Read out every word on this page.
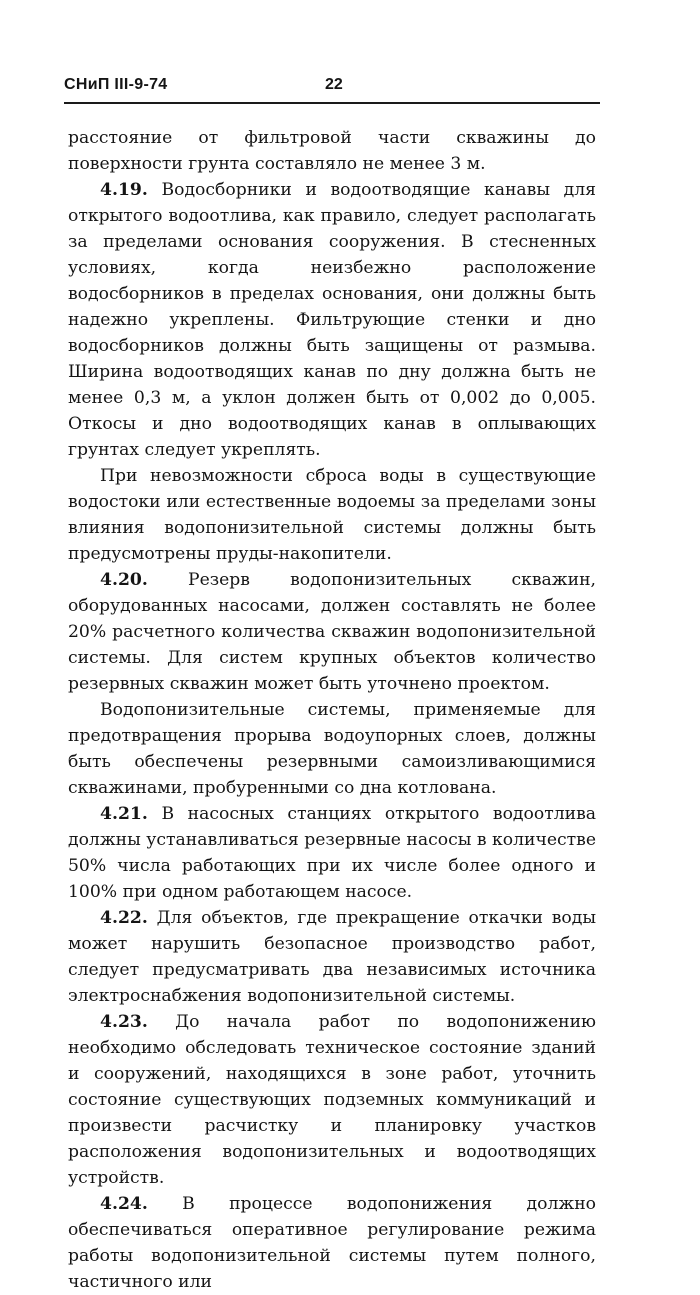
СНиП III-9-74	22

расстояние от фильтровой части скважины до поверхности грунта составляло не менее 3 м.

4.19. Водосборники и водоотводящие канавы для открытого водоотлива, как правило, следует располагать за пределами основания сооружения. В стесненных условиях, когда неизбежно расположение водосборников в пределах основания, они должны быть надежно укреплены. Фильтрующие стенки и дно водосборников должны быть защищены от размыва. Ширина водоотводящих канав по дну должна быть не менее 0,3 м, а уклон должен быть от 0,002 до 0,005. Откосы и дно водоотводящих канав в оплывающих грунтах следует укреплять.

При невозможности сброса воды в существующие водостоки или естественные водоемы за пределами зоны влияния водопонизительной системы должны быть предусмотрены пруды-накопители.

4.20. Резерв водопонизительных скважин, оборудованных насосами, должен составлять не более 20% расчетного количества скважин водопонизительной системы. Для систем крупных объектов количество резервных скважин может быть уточнено проектом.

Водопонизительные системы, применяемые для предотвращения прорыва водоупорных слоев, должны быть обеспечены резервными самоизливающимися скважинами, пробуренными со дна котлована.

4.21. В насосных станциях открытого водоотлива должны устанавливаться резервные насосы в количестве 50% числа работающих при их числе более одного и 100% при одном работающем насосе.

4.22. Для объектов, где прекращение откачки воды может нарушить безопасное производство работ, следует предусматривать два независимых источника электроснабжения водопонизительной системы.

4.23. До начала работ по водопонижению необходимо обследовать техническое состояние зданий и сооружений, находящихся в зоне работ, уточнить состояние существующих подземных коммуникаций и произвести расчистку и планировку участков расположения водопонизительных и водоотводящих устройств.

4.24. В процессе водопонижения должно обеспечиваться оперативное регулирование режима работы водопонизительной системы путем полного, частичного или
